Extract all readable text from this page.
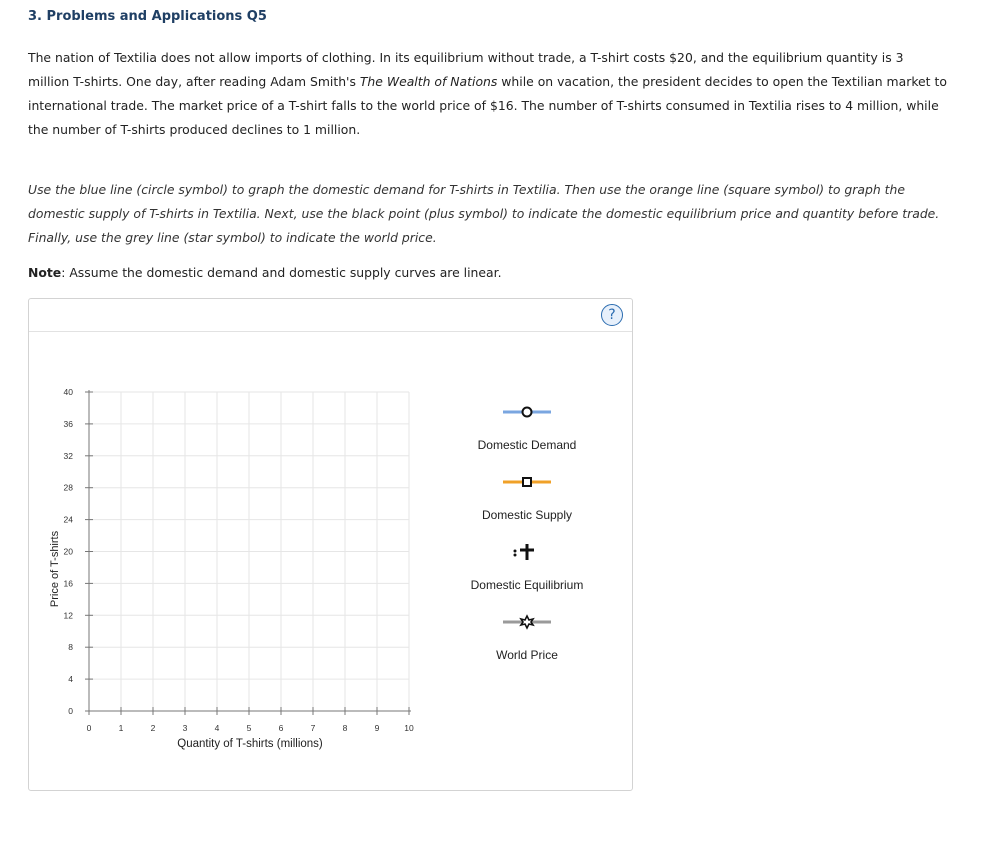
3. Problems and Applications Q5
The nation of Textilia does not allow imports of clothing. In its equilibrium without trade, a T-shirt costs $20, and the equilibrium quantity is 3 million T-shirts. One day, after reading Adam Smith's The Wealth of Nations while on vacation, the president decides to open the Textilian market to international trade. The market price of a T-shirt falls to the world price of $16. The number of T-shirts consumed in Textilia rises to 4 million, while the number of T-shirts produced declines to 1 million.
Use the blue line (circle symbol) to graph the domestic demand for T-shirts in Textilia. Then use the orange line (square symbol) to graph the domestic supply of T-shirts in Textilia. Next, use the black point (plus symbol) to indicate the domestic equilibrium price and quantity before trade. Finally, use the grey line (star symbol) to indicate the world price.
Note: Assume the domestic demand and domestic supply curves are linear.
?
0
4
8
12
16
20
24
28
32
36
40
0	1	2	3	4	5	6	7	8	9	10
Price of T-shirts
Quantity of T-shirts (millions)
Domestic Demand
Domestic Supply
Domestic Equilibrium
World Price
